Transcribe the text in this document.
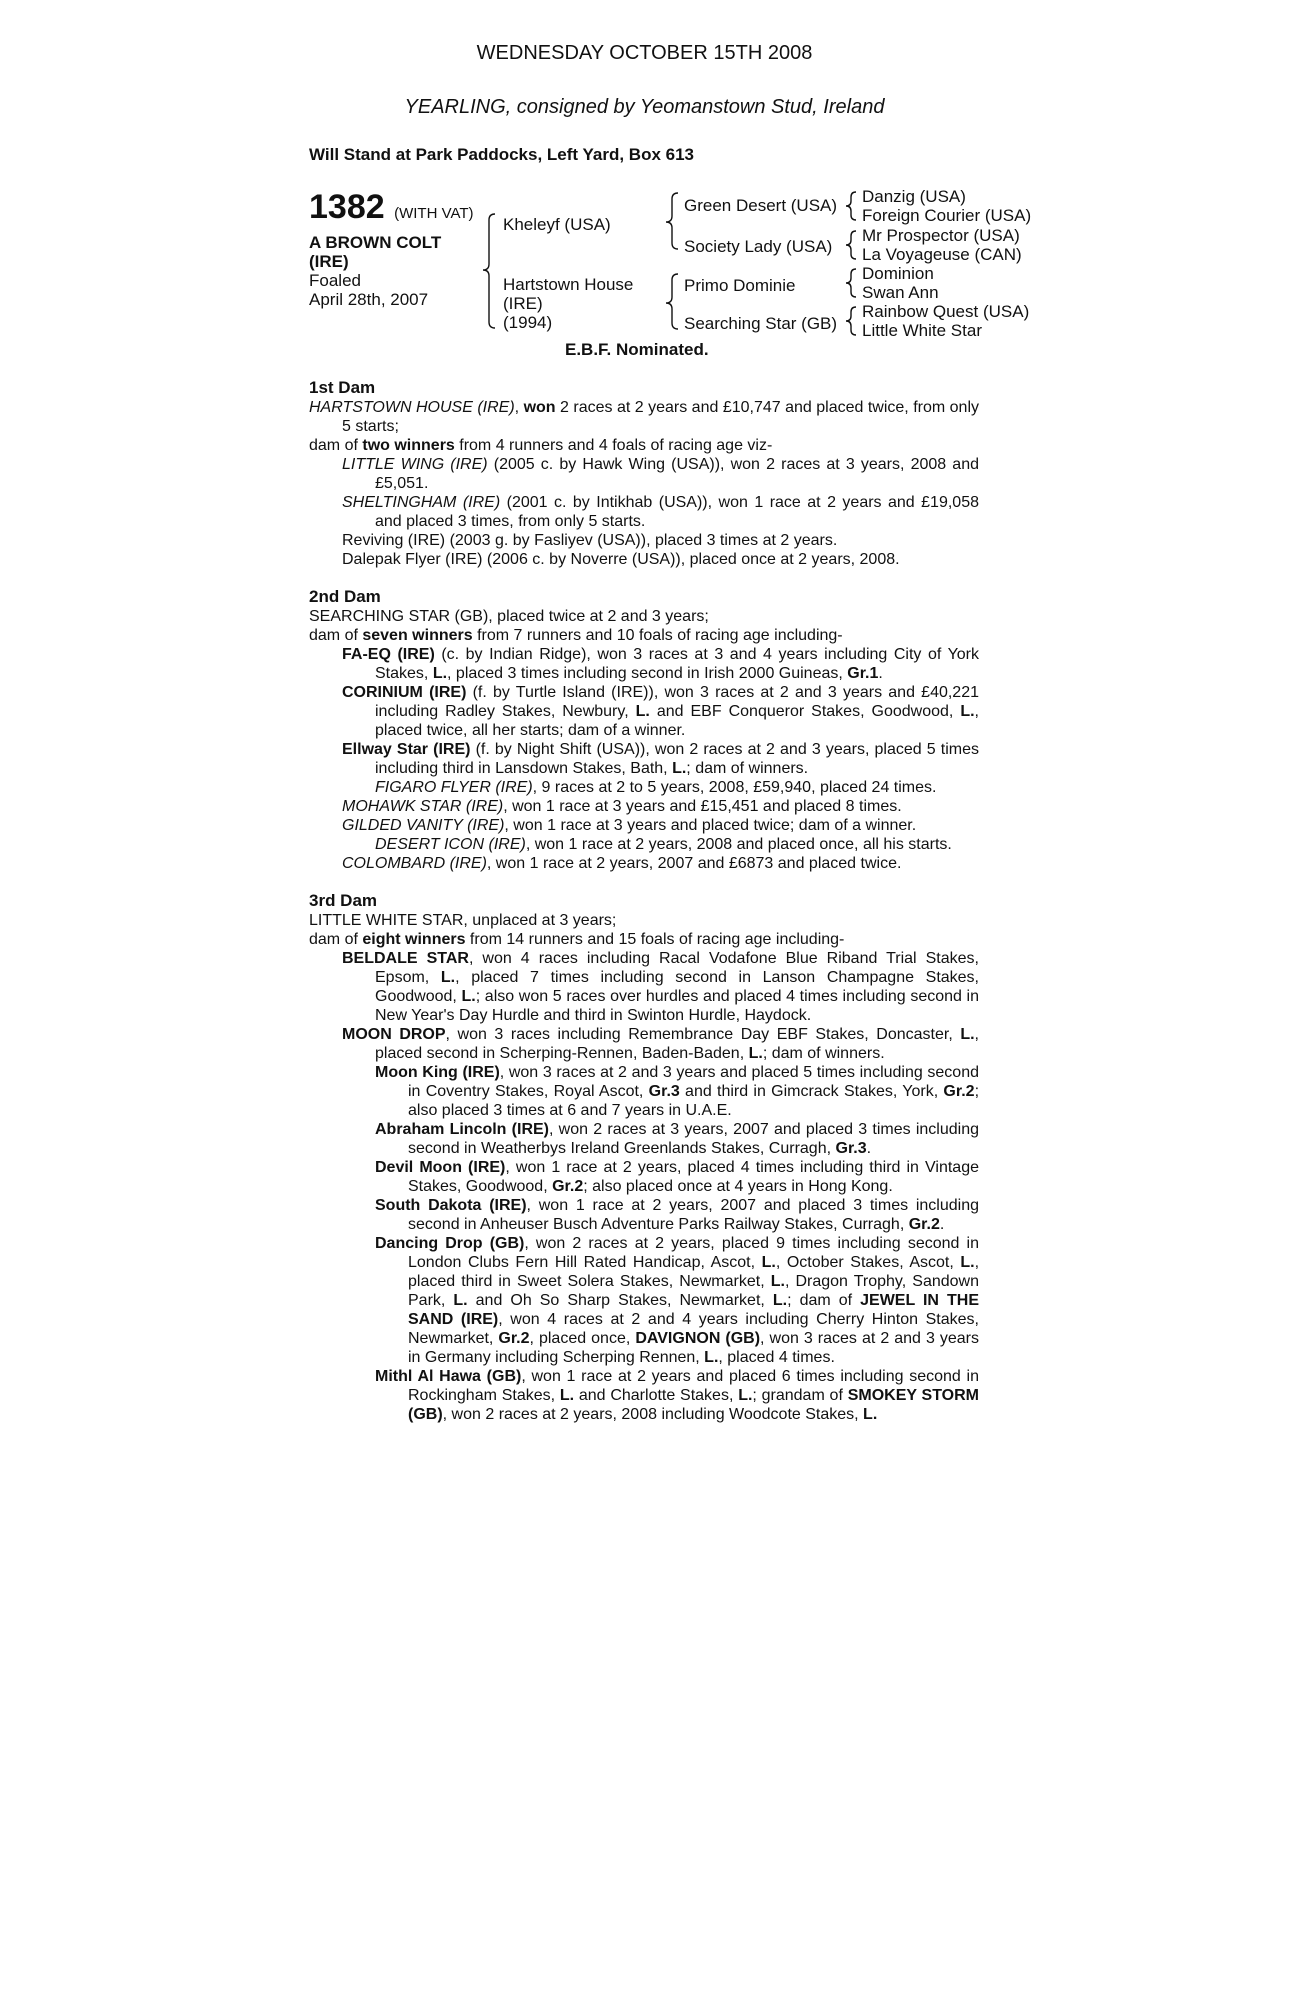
WEDNESDAY OCTOBER 15TH 2008
YEARLING, consigned by Yeomanstown Stud, Ireland
Will Stand at Park Paddocks, Left Yard, Box 613
1382 (WITH VAT)
A BROWN COLT
(IRE)
Foaled
April 28th, 2007
Kheleyf (USA)
Hartstown House
(IRE)
(1994)
Green Desert (USA)
Society Lady (USA)
Primo Dominie
Searching Star (GB)
Danzig (USA)
Foreign Courier (USA)
Mr Prospector (USA)
La Voyageuse (CAN)
Dominion
Swan Ann
Rainbow Quest (USA)
Little White Star
E.B.F. Nominated.
1st Dam
HARTSTOWN HOUSE (IRE), won 2 races at 2 years and £10,747 and placed twice, from only 5 starts;
dam of two winners from 4 runners and 4 foals of racing age viz-
LITTLE WING (IRE) (2005 c. by Hawk Wing (USA)), won 2 races at 3 years, 2008 and £5,051.
SHELTINGHAM (IRE) (2001 c. by Intikhab (USA)), won 1 race at 2 years and £19,058 and placed 3 times, from only 5 starts.
Reviving (IRE) (2003 g. by Fasliyev (USA)), placed 3 times at 2 years.
Dalepak Flyer (IRE) (2006 c. by Noverre (USA)), placed once at 2 years, 2008.
2nd Dam
SEARCHING STAR (GB), placed twice at 2 and 3 years;
dam of seven winners from 7 runners and 10 foals of racing age including-
FA-EQ (IRE) (c. by Indian Ridge), won 3 races at 3 and 4 years including City of York Stakes, L., placed 3 times including second in Irish 2000 Guineas, Gr.1.
CORINIUM (IRE) (f. by Turtle Island (IRE)), won 3 races at 2 and 3 years and £40,221 including Radley Stakes, Newbury, L. and EBF Conqueror Stakes, Goodwood, L., placed twice, all her starts; dam of a winner.
Ellway Star (IRE) (f. by Night Shift (USA)), won 2 races at 2 and 3 years, placed 5 times including third in Lansdown Stakes, Bath, L.; dam of winners.
FIGARO FLYER (IRE), 9 races at 2 to 5 years, 2008, £59,940, placed 24 times.
MOHAWK STAR (IRE), won 1 race at 3 years and £15,451 and placed 8 times.
GILDED VANITY (IRE), won 1 race at 3 years and placed twice; dam of a winner.
DESERT ICON (IRE), won 1 race at 2 years, 2008 and placed once, all his starts.
COLOMBARD (IRE), won 1 race at 2 years, 2007 and £6873 and placed twice.
3rd Dam
LITTLE WHITE STAR, unplaced at 3 years;
dam of eight winners from 14 runners and 15 foals of racing age including-
BELDALE STAR, won 4 races including Racal Vodafone Blue Riband Trial Stakes, Epsom, L., placed 7 times including second in Lanson Champagne Stakes, Goodwood, L.; also won 5 races over hurdles and placed 4 times including second in New Year's Day Hurdle and third in Swinton Hurdle, Haydock.
MOON DROP, won 3 races including Remembrance Day EBF Stakes, Doncaster, L., placed second in Scherping-Rennen, Baden-Baden, L.; dam of winners.
Moon King (IRE), won 3 races at 2 and 3 years and placed 5 times including second in Coventry Stakes, Royal Ascot, Gr.3 and third in Gimcrack Stakes, York, Gr.2; also placed 3 times at 6 and 7 years in U.A.E.
Abraham Lincoln (IRE), won 2 races at 3 years, 2007 and placed 3 times including second in Weatherbys Ireland Greenlands Stakes, Curragh, Gr.3.
Devil Moon (IRE), won 1 race at 2 years, placed 4 times including third in Vintage Stakes, Goodwood, Gr.2; also placed once at 4 years in Hong Kong.
South Dakota (IRE), won 1 race at 2 years, 2007 and placed 3 times including second in Anheuser Busch Adventure Parks Railway Stakes, Curragh, Gr.2.
Dancing Drop (GB), won 2 races at 2 years, placed 9 times including second in London Clubs Fern Hill Rated Handicap, Ascot, L., October Stakes, Ascot, L., placed third in Sweet Solera Stakes, Newmarket, L., Dragon Trophy, Sandown Park, L. and Oh So Sharp Stakes, Newmarket, L.; dam of JEWEL IN THE SAND (IRE), won 4 races at 2 and 4 years including Cherry Hinton Stakes, Newmarket, Gr.2, placed once, DAVIGNON (GB), won 3 races at 2 and 3 years in Germany including Scherping Rennen, L., placed 4 times.
Mithl Al Hawa (GB), won 1 race at 2 years and placed 6 times including second in Rockingham Stakes, L. and Charlotte Stakes, L.; grandam of SMOKEY STORM (GB), won 2 races at 2 years, 2008 including Woodcote Stakes, L.
